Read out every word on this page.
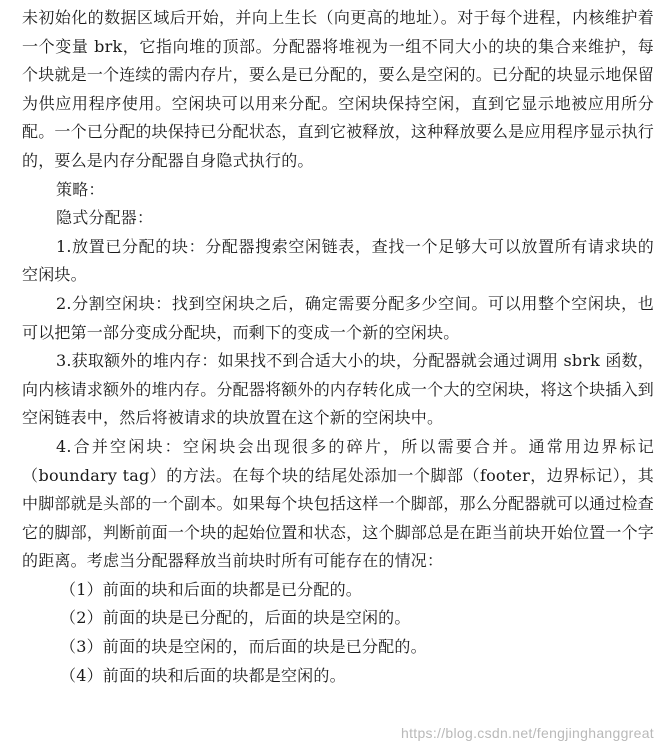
未初始化的数据区域后开始，并向上生长（向更高的地址）。对于每个进程，内核维护着一个变量 brk，它指向堆的顶部。分配器将堆视为一组不同大小的块的集合来维护，每个块就是一个连续的需内存片，要么是已分配的，要么是空闲的。已分配的块显示地保留为供应用程序使用。空闲块可以用来分配。空闲块保持空闲，直到它显示地被应用所分配。一个已分配的块保持已分配状态，直到它被释放，这种释放要么是应用程序显示执行的，要么是内存分配器自身隐式执行的。

策略：

隐式分配器：

1.放置已分配的块：分配器搜索空闲链表，查找一个足够大可以放置所有请求块的空闲块。

2.分割空闲块：找到空闲块之后，确定需要分配多少空间。可以用整个空闲块，也可以把第一部分变成分配块，而剩下的变成一个新的空闲块。

3.获取额外的堆内存：如果找不到合适大小的块，分配器就会通过调用 sbrk 函数，向内核请求额外的堆内存。分配器将额外的内存转化成一个大的空闲块，将这个块插入到空闲链表中，然后将被请求的块放置在这个新的空闲块中。

4.合并空闲块：空闲块会出现很多的碎片，所以需要合并。通常用边界标记（boundary tag）的方法。在每个块的结尾处添加一个脚部（footer，边界标记），其中脚部就是头部的一个副本。如果每个块包括这样一个脚部，那么分配器就可以通过检查它的脚部，判断前面一个块的起始位置和状态，这个脚部总是在距当前块开始位置一个字的距离。考虑当分配器释放当前块时所有可能存在的情况：

（1）前面的块和后面的块都是已分配的。

（2）前面的块是已分配的，后面的块是空闲的。

（3）前面的块是空闲的，而后面的块是已分配的。

（4）前面的块和后面的块都是空闲的。

https://blog.csdn.net/fengjinghanggreat
